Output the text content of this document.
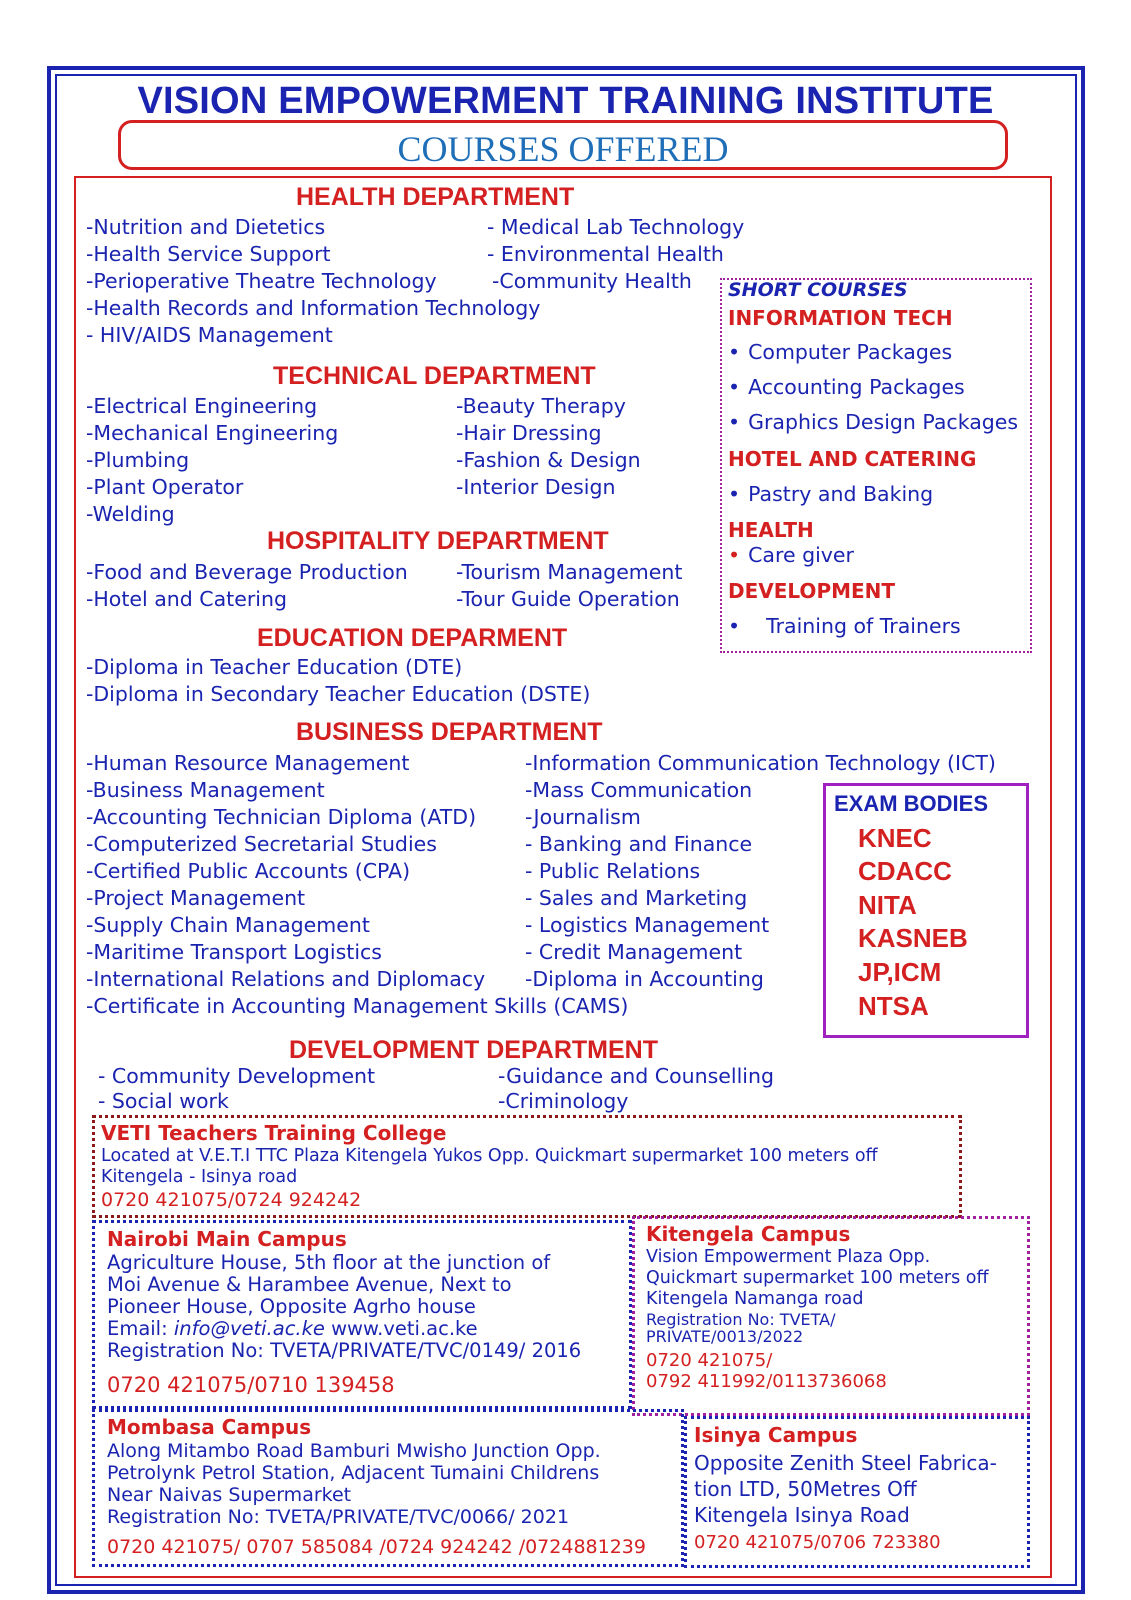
VISION EMPOWERMENT TRAINING INSTITUTE
COURSES OFFERED
HEALTH DEPARTMENT
-Nutrition and Dietetics
-Health Service Support
-Perioperative Theatre Technology
-Health Records and Information Technology
- HIV/AIDS Management
- Medical Lab Technology
- Environmental Health
-Community Health
TECHNICAL DEPARTMENT
-Electrical Engineering
-Mechanical Engineering
-Plumbing
-Plant Operator
-Welding
-Beauty Therapy
-Hair Dressing
-Fashion & Design
-Interior Design
HOSPITALITY DEPARTMENT
-Food and Beverage Production
-Hotel and Catering
-Tourism Management
-Tour Guide Operation
EDUCATION DEPARMENT
-Diploma in Teacher Education (DTE)
-Diploma in Secondary Teacher Education (DSTE)
BUSINESS DEPARTMENT
-Human Resource Management
-Business Management
-Accounting Technician Diploma (ATD)
-Computerized Secretarial Studies
-Certified Public Accounts (CPA)
-Project Management
-Supply Chain Management
-Maritime Transport Logistics
-International Relations and Diplomacy
-Certificate in Accounting Management Skills (CAMS)
-Information Communication Technology (ICT)
-Mass Communication
-Journalism
- Banking and Finance
- Public Relations
- Sales and Marketing
- Logistics Management
- Credit Management
-Diploma in Accounting
DEVELOPMENT DEPARTMENT
- Community Development
- Social work
-Guidance and Counselling
-Criminology
SHORT COURSES
INFORMATION TECH
• Computer Packages
• Accounting Packages
• Graphics Design Packages
HOTEL AND CATERING
• Pastry and Baking
HEALTH
• Care giver
DEVELOPMENT
• Training of Trainers
EXAM BODIES
KNEC
CDACC
NITA
KASNEB
JP,ICM
NTSA
VETI Teachers Training College
Located at V.E.T.I TTC Plaza Kitengela Yukos Opp. Quickmart supermarket 100 meters off
Kitengela - Isinya road
0720 421075/0724 924242
Nairobi Main Campus
Agriculture House, 5th floor at the junction of
Moi Avenue & Harambee Avenue, Next to
Pioneer House, Opposite Agrho house
Email: info@veti.ac.ke www.veti.ac.ke
Registration No: TVETA/PRIVATE/TVC/0149/ 2016
0720 421075/0710 139458
Kitengela Campus
Vision Empowerment Plaza Opp.
Quickmart supermarket 100 meters off
Kitengela Namanga road
Registration No: TVETA/
PRIVATE/0013/2022
0720 421075/
0792 411992/0113736068
Mombasa Campus
Along Mitambo Road Bamburi Mwisho Junction Opp.
Petrolynk Petrol Station, Adjacent Tumaini Childrens
Near Naivas Supermarket
Registration No: TVETA/PRIVATE/TVC/0066/ 2021
0720 421075/ 0707 585084 /0724 924242 /0724881239
Isinya Campus
Opposite Zenith Steel Fabrica-
tion LTD, 50Metres Off
Kitengela Isinya Road
0720 421075/0706 723380
